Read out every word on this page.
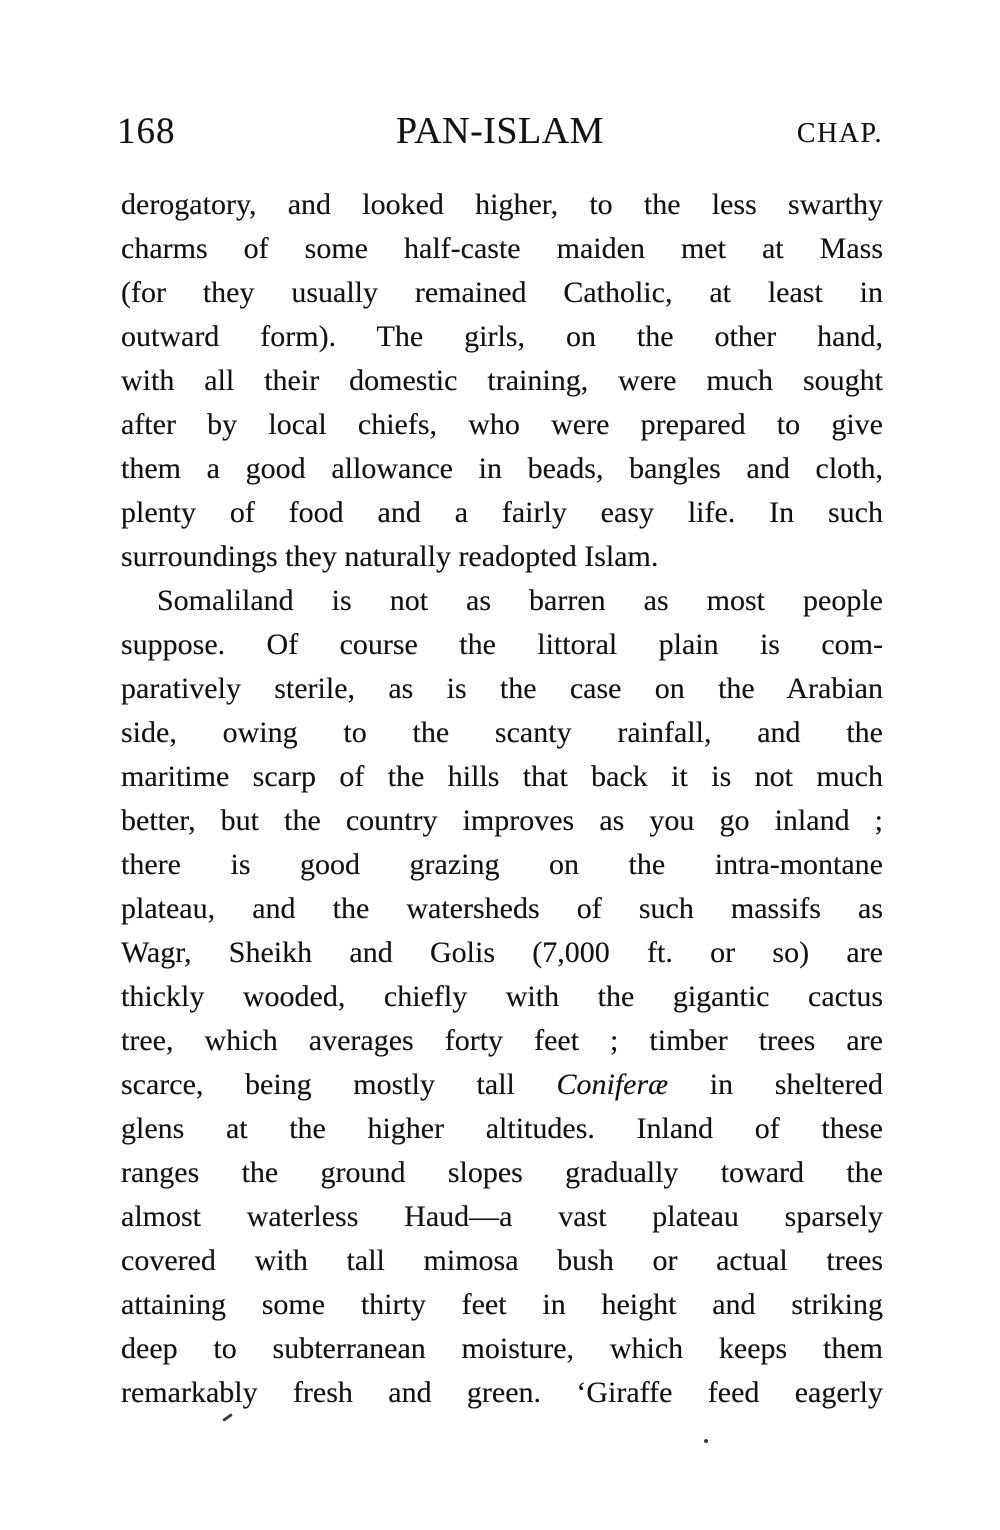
168	PAN-ISLAM	CHAP.
derogatory, and looked higher, to the less swarthy
charms of some half-caste maiden met at Mass
(for they usually remained Catholic, at least in
outward form). The girls, on the other hand,
with all their domestic training, were much sought
after by local chiefs, who were prepared to give
them a good allowance in beads, bangles and cloth,
plenty of food and a fairly easy life. In such
surroundings they naturally readopted Islam.
Somaliland is not as barren as most people
suppose. Of course the littoral plain is com-
paratively sterile, as is the case on the Arabian
side, owing to the scanty rainfall, and the
maritime scarp of the hills that back it is not much
better, but the country improves as you go inland ;
there is good grazing on the intra-montane
plateau, and the watersheds of such massifs as
Wagr, Sheikh and Golis (7,000 ft. or so) are
thickly wooded, chiefly with the gigantic cactus
tree, which averages forty feet ; timber trees are
scarce, being mostly tall Coniferæ in sheltered
glens at the higher altitudes. Inland of these
ranges the ground slopes gradually toward the
almost waterless Haud—a vast plateau sparsely
covered with tall mimosa bush or actual trees
attaining some thirty feet in height and striking
deep to subterranean moisture, which keeps them
remarkably fresh and green. ‘Giraffe feed eagerly
